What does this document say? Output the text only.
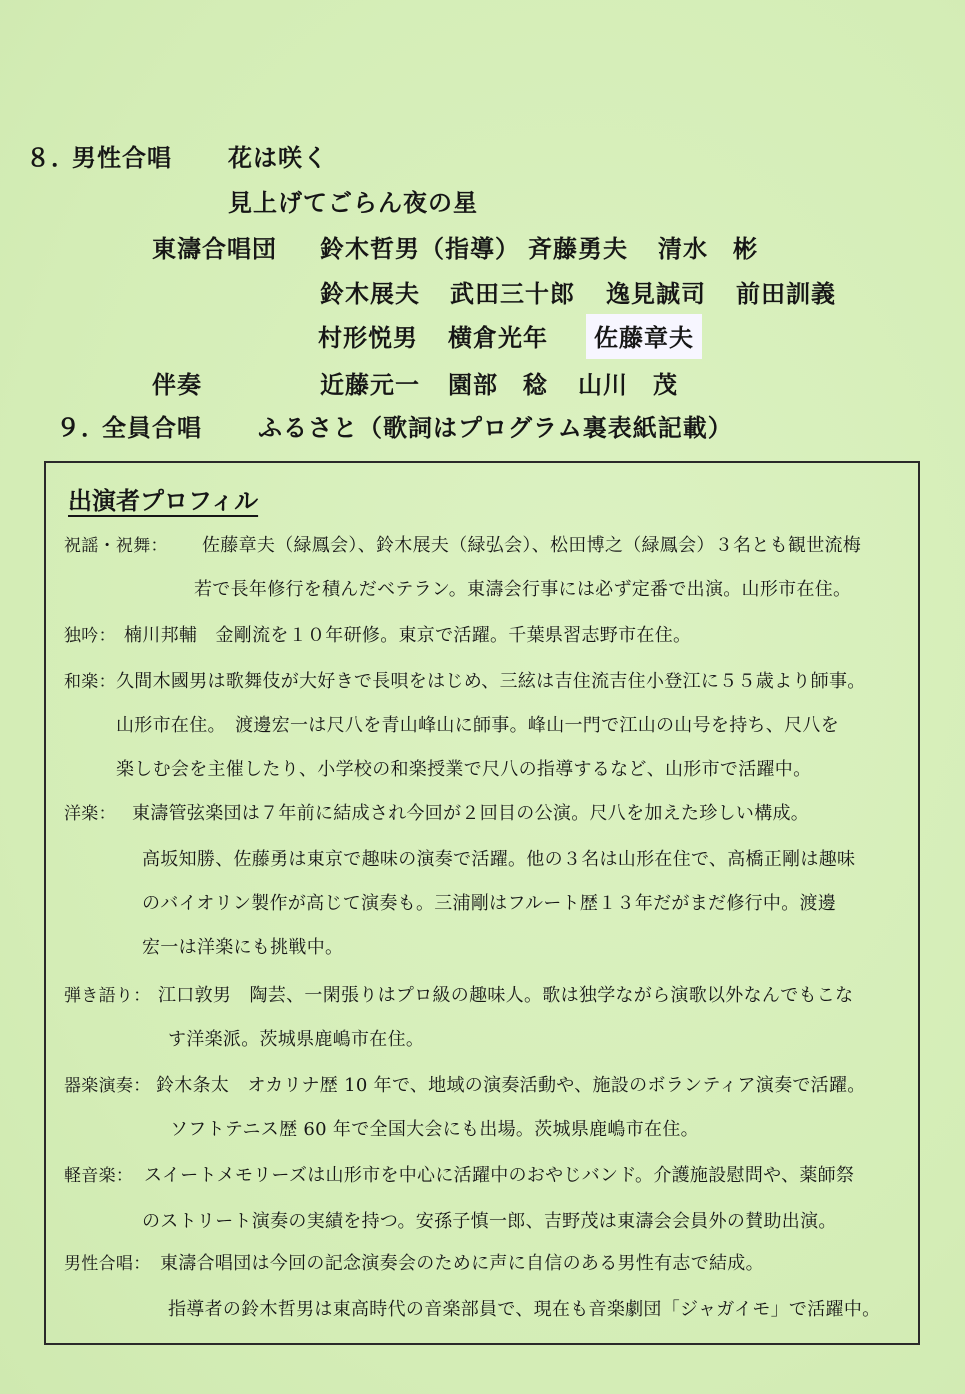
８．
男性合唱 花は咲く
見上げてごらん夜の星
東濤合唱団 鈴木哲男（指導） 斉藤勇夫 清水　彬
鈴木展夫 武田三十郎 逸見誠司 前田訓義
村形悦男 横倉光年	佐藤章夫
伴奏	近藤元一 園部　稔 山川　茂
９．
全員合唱 ふるさと（歌詞はプログラム裏表紙記載）
出演者プロフィル
祝謡・祝舞： 佐藤章夫（緑鳳会）、鈴木展夫（緑弘会）、松田博之（緑鳳会）３名とも観世流梅
若で長年修行を積んだベテラン。東濤会行事には必ず定番で出演。山形市在住。
独吟： 楠川邦輔　金剛流を１０年研修。東京で活躍。千葉県習志野市在住。
和楽： 久間木國男は歌舞伎が大好きで長唄をはじめ、三絃は吉住流吉住小登江に５５歳より師事。
山形市在住。　渡邊宏一は尺八を青山峰山に師事。峰山一門で江山の山号を持ち、尺八を
楽しむ会を主催したり、小学校の和楽授業で尺八の指導するなど、山形市で活躍中。
洋楽： 東濤管弦楽団は７年前に結成され今回が２回目の公演。尺八を加えた珍しい構成。
高坂知勝、佐藤勇は東京で趣味の演奏で活躍。他の３名は山形在住で、高橋正剛は趣味
のバイオリン製作が高じて演奏も。三浦剛はフルート歴１３年だがまだ修行中。渡邊
宏一は洋楽にも挑戦中。
弾き語り： 江口敦男　陶芸、一閑張りはプロ級の趣味人。歌は独学ながら演歌以外なんでもこな
す洋楽派。茨城県鹿嶋市在住。
器楽演奏： 鈴木条太　オカリナ歴 10 年で、地域の演奏活動や、施設のボランティア演奏で活躍。
ソフトテニス歴 60 年で全国大会にも出場。茨城県鹿嶋市在住。
軽音楽： スイートメモリーズは山形市を中心に活躍中のおやじバンド。介護施設慰問や、薬師祭
のストリート演奏の実績を持つ。安孫子慎一郎、吉野茂は東濤会会員外の賛助出演。
男性合唱： 東濤合唱団は今回の記念演奏会のために声に自信のある男性有志で結成。
指導者の鈴木哲男は東高時代の音楽部員で、現在も音楽劇団「ジャガイモ」で活躍中。
